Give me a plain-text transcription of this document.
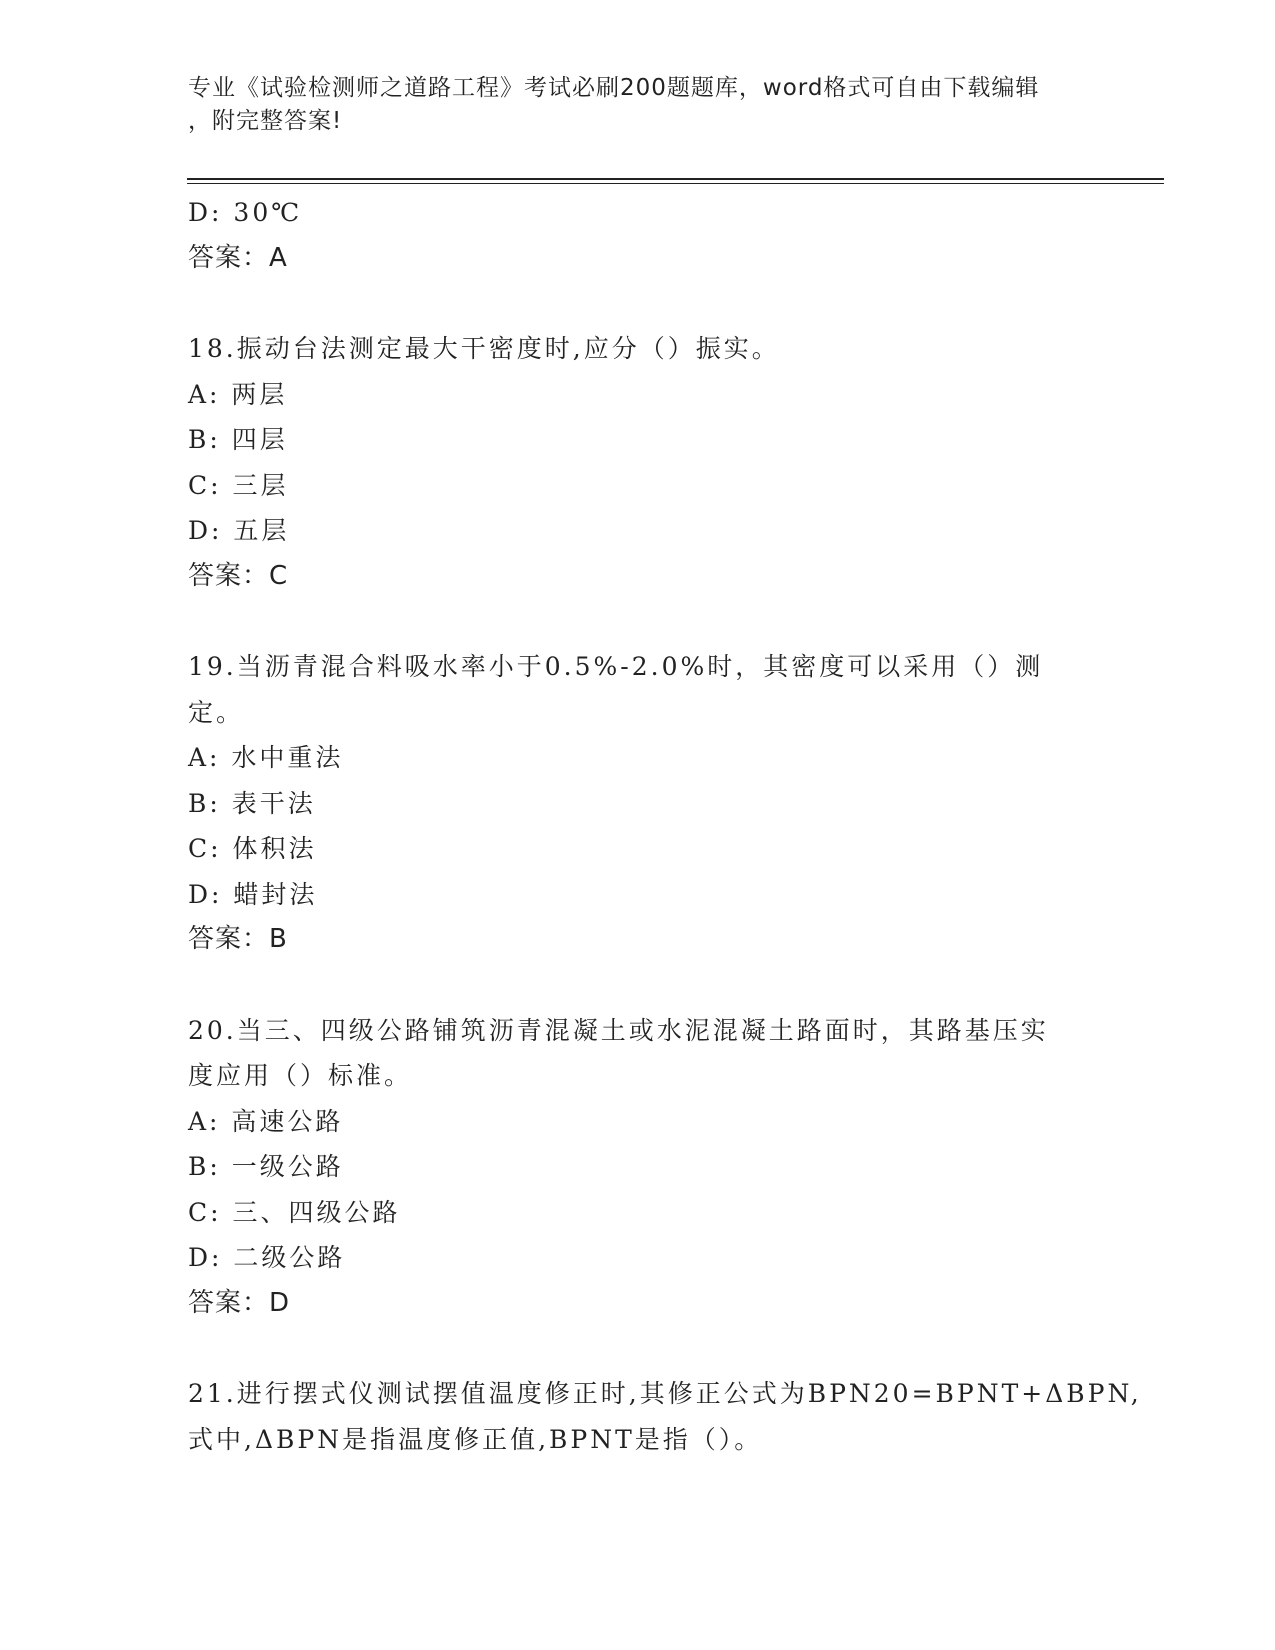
专业《试验检测师之道路工程》考试必刷200题题库，word格式可自由下载编辑
，附完整答案!
D: 30℃
答案：A
18.振动台法测定最大干密度时,应分（）振实。
A: 两层
B: 四层
C: 三层
D: 五层
答案：C
19.当沥青混合料吸水率小于0.5%-2.0%时，其密度可以采用（）测
定。
A: 水中重法
B: 表干法
C: 体积法
D: 蜡封法
答案：B
20.当三、四级公路铺筑沥青混凝土或水泥混凝土路面时，其路基压实
度应用（）标准。
A: 高速公路
B: 一级公路
C: 三、四级公路
D: 二级公路
答案：D
21.进行摆式仪测试摆值温度修正时,其修正公式为BPN20=BPNT+ΔBPN,
式中,ΔBPN是指温度修正值,BPNT是指（）。
